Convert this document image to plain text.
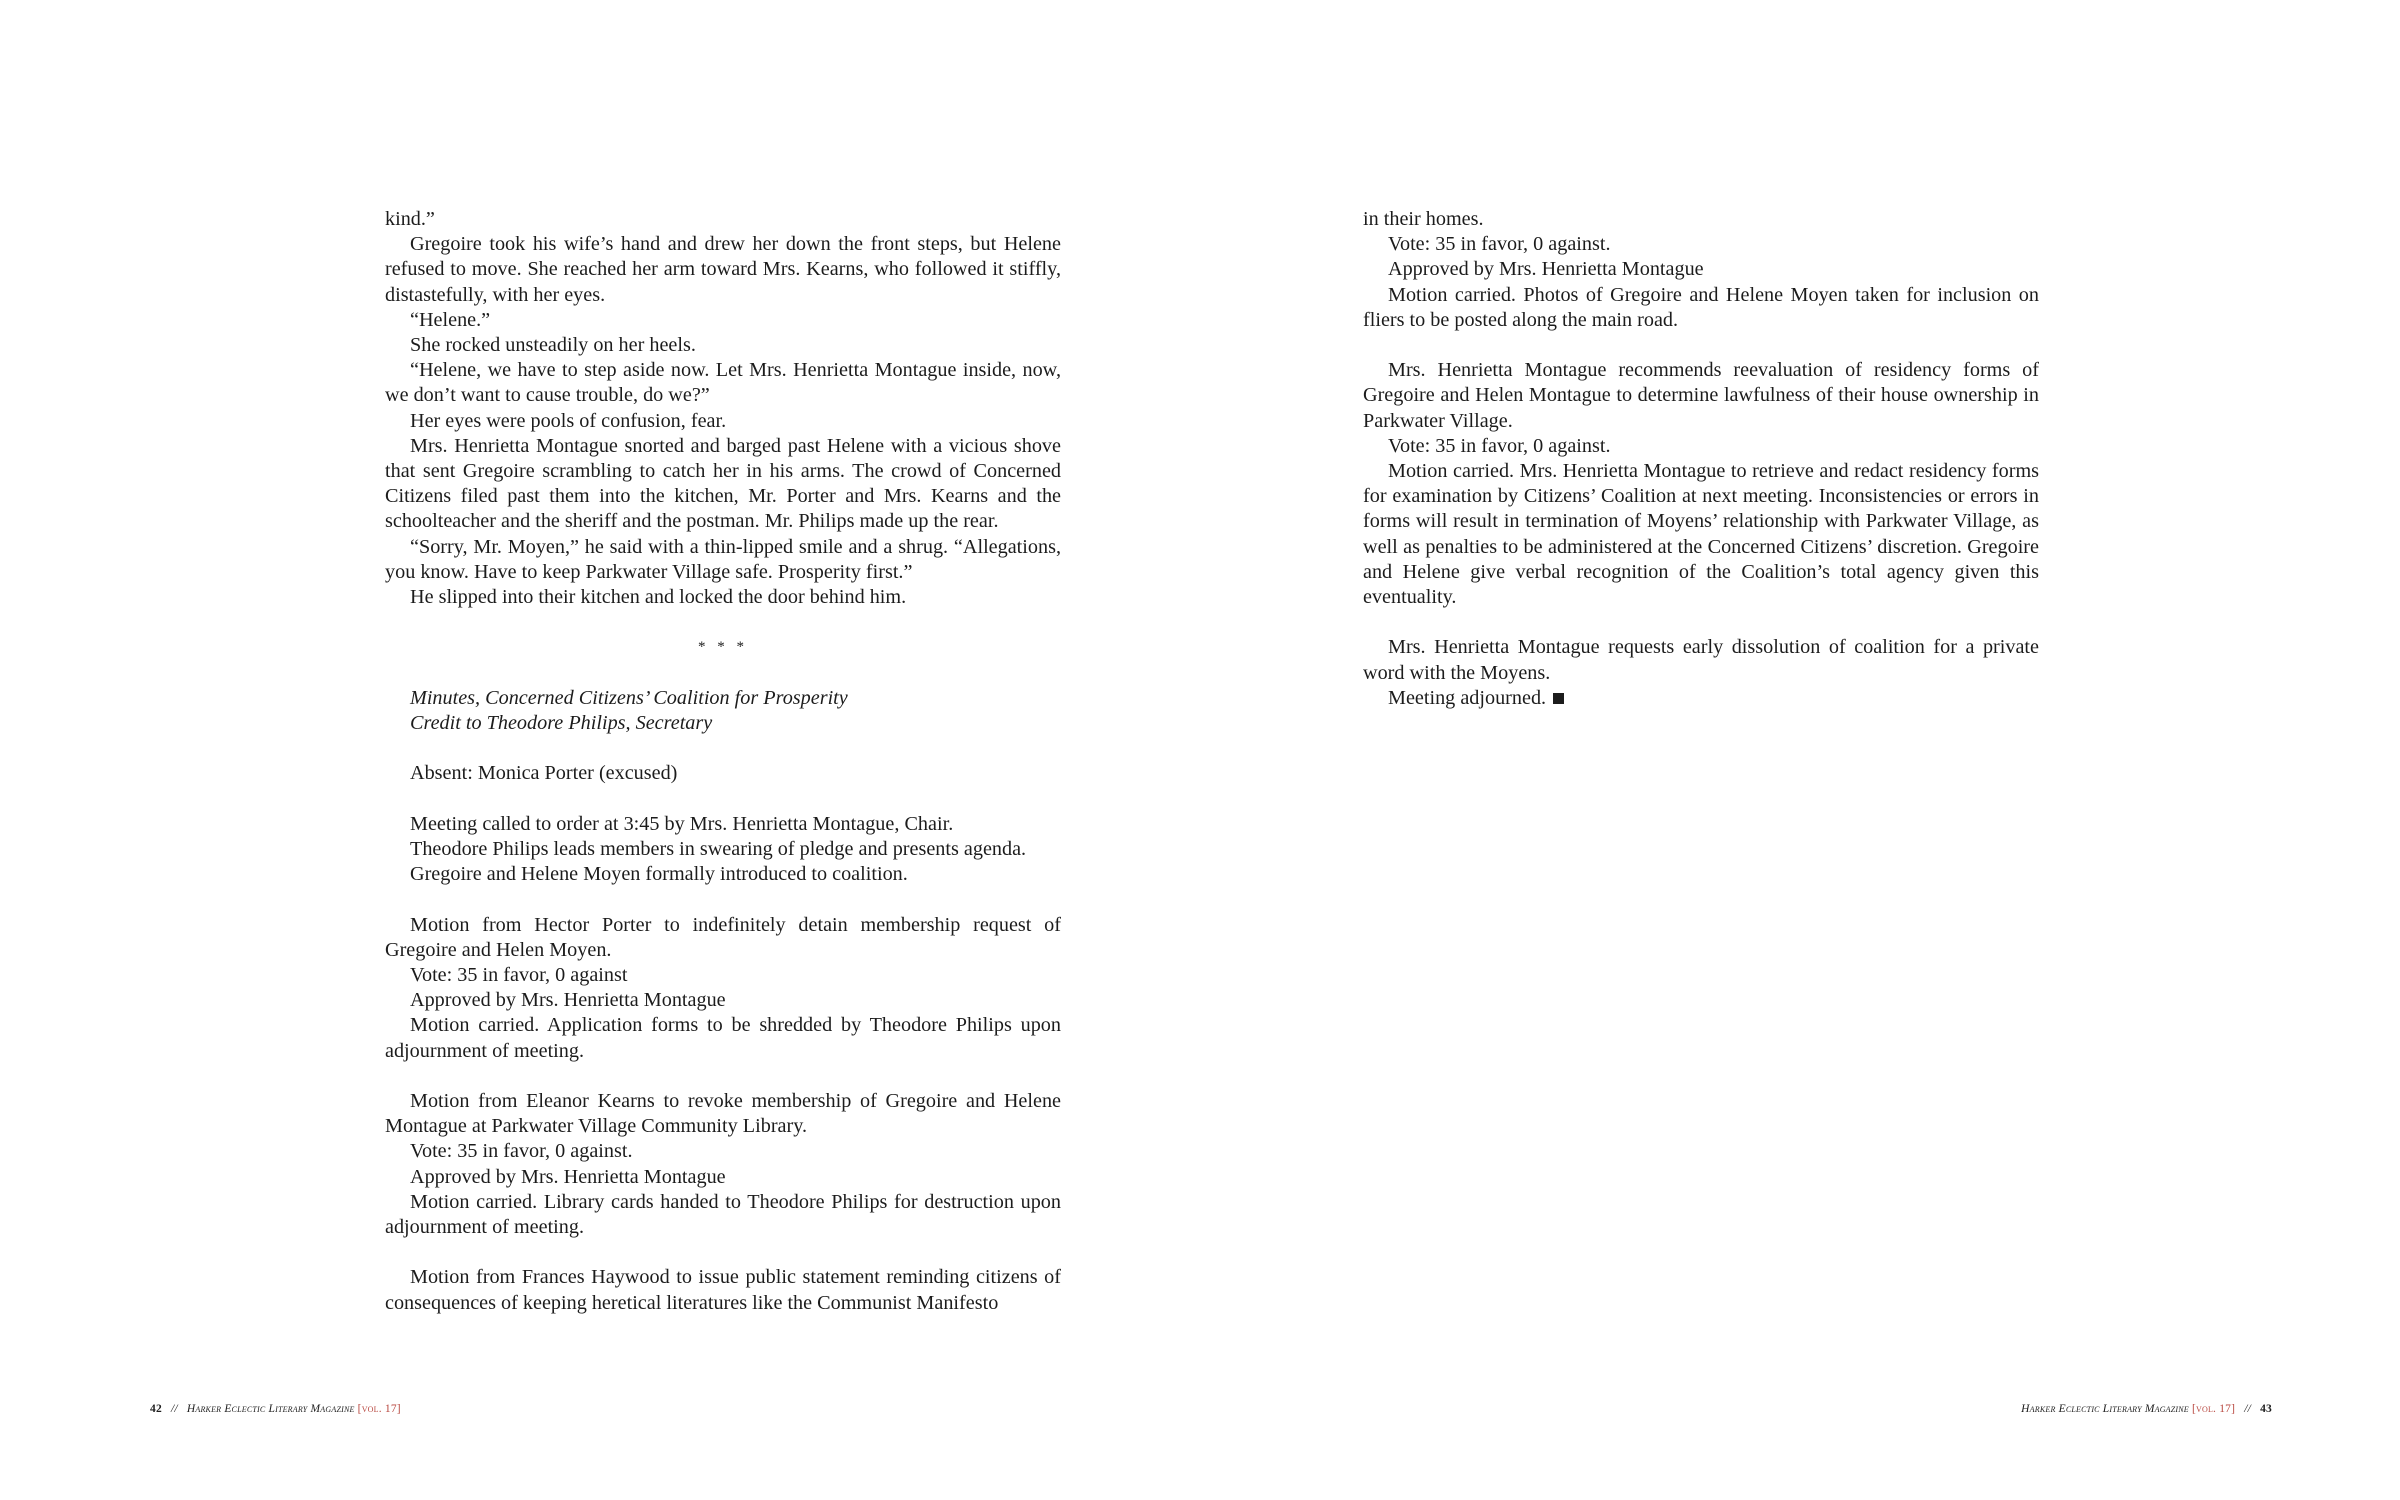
kind.”

Gregoire took his wife’s hand and drew her down the front steps, but Helene refused to move. She reached her arm toward Mrs. Kearns, who followed it stiffly, distastefully, with her eyes.

“Helene.”

She rocked unsteadily on her heels.

“Helene, we have to step aside now. Let Mrs. Henrietta Montague inside, now, we don’t want to cause trouble, do we?”

Her eyes were pools of confusion, fear.

Mrs. Henrietta Montague snorted and barged past Helene with a vicious shove that sent Gregoire scrambling to catch her in his arms. The crowd of Concerned Citizens filed past them into the kitchen, Mr. Porter and Mrs. Kearns and the schoolteacher and the sheriff and the postman. Mr. Philips made up the rear.

“Sorry, Mr. Moyen,” he said with a thin-lipped smile and a shrug. “Allegations, you know. Have to keep Parkwater Village safe. Prosperity first.”

He slipped into their kitchen and locked the door behind him.

* * *

Minutes, Concerned Citizens’ Coalition for Prosperity

Credit to Theodore Philips, Secretary

Absent: Monica Porter (excused)

Meeting called to order at 3:45 by Mrs. Henrietta Montague, Chair.

Theodore Philips leads members in swearing of pledge and presents agenda.

Gregoire and Helene Moyen formally introduced to coalition.

Motion from Hector Porter to indefinitely detain membership request of Gregoire and Helen Moyen.

Vote: 35 in favor, 0 against

Approved by Mrs. Henrietta Montague

Motion carried. Application forms to be shredded by Theodore Philips upon adjournment of meeting.

Motion from Eleanor Kearns to revoke membership of Gregoire and Helene Montague at Parkwater Village Community Library.

Vote: 35 in favor, 0 against.

Approved by Mrs. Henrietta Montague

Motion carried. Library cards handed to Theodore Philips for destruction upon adjournment of meeting.

Motion from Frances Haywood to issue public statement reminding citizens of consequences of keeping heretical literatures like the Communist Manifesto

in their homes.

Vote: 35 in favor, 0 against.

Approved by Mrs. Henrietta Montague

Motion carried. Photos of Gregoire and Helene Moyen taken for inclusion on fliers to be posted along the main road.

Mrs. Henrietta Montague recommends reevaluation of residency forms of Gregoire and Helen Montague to determine lawfulness of their house ownership in Parkwater Village.

Vote: 35 in favor, 0 against.

Motion carried. Mrs. Henrietta Montague to retrieve and redact residency forms for examination by Citizens’ Coalition at next meeting. Inconsistencies or errors in forms will result in termination of Moyens’ relationship with Parkwater Village, as well as penalties to be administered at the Concerned Citizens’ discretion. Gregoire and Helene give verbal recognition of the Coalition’s total agency given this eventuality.

Mrs. Henrietta Montague requests early dissolution of coalition for a private word with the Moyens.

Meeting adjourned.

42 // Harker Eclectic Literary Magazine [vol. 17]	Harker Eclectic Literary Magazine [vol. 17] // 43
